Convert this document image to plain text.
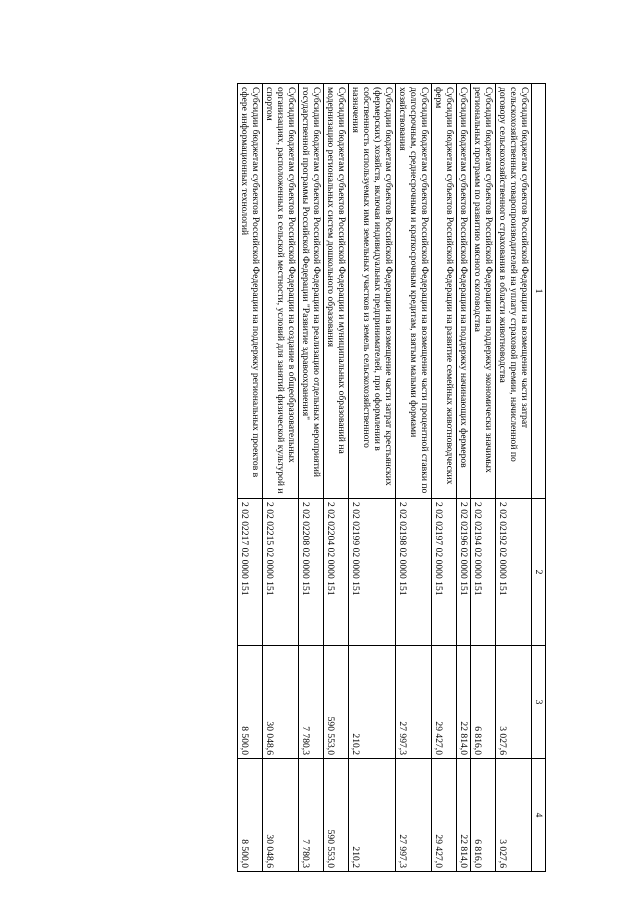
1	2	3	4
Субсидии бюджетам субъектов Российской Федерации на возмещение части затрат сельскохозяйственных товаропроизводителей на уплату страховой премии, начисленной по договору сельскохозяйственного страхования в области животноводства	2 02 02192 02 0000 151	3 027,6	3 027,6
Субсидии бюджетам субъектов Российской Федерации на поддержку экономически значимых региональных программ по развитию мясного скотоводства	2 02 02194 02 0000 151	6 816,0	6 816,0
Субсидии бюджетам субъектов Российской Федерации на поддержку начинающих фермеров	2 02 02196 02 0000 151	22 814,0	22 814,0
Субсидии бюджетам субъектов Российской Федерации на развитие семейных животноводческих ферм	2 02 02197 02 0000 151	29 427,0	29 427,0
Субсидии бюджетам субъектов Российской Федерации на возмещение части процентной ставки по долгосрочным, среднесрочным и краткосрочным кредитам, взятым малыми формами хозяйствования	2 02 02198 02 0000 151	27 997,3	27 997,3
Субсидии бюджетам субъектов Российской Федерации на возмещение части затрат крестьянских (фермерских) хозяйств, включая индивидуальных предпринимателей, при оформлении в собственность используемых ими земельных участков из земель сельскохозяйственного назначения	2 02 02199 02 0000 151	210,2	210,2
Субсидии бюджетам субъектов Российской Федерации и муниципальных образований на модернизацию региональных систем дошкольного образования	2 02 02204 02 0000 151	590 553,0	590 553,0
Субсидии бюджетам субъектов Российской Федерации на реализацию отдельных мероприятий государственной программы Российской Федерации "Развитие здравоохранения"	2 02 02208 02 0000 151	7 780,3	7 780,3
Субсидии бюджетам субъектов Российской Федерации на создание в общеобразовательных организациях, расположенных в сельской местности, условий для занятий физической культурой и спортом	2 02 02215 02 0000 151	30 048,6	30 048,6
Субсидии бюджетам субъектов Российской Федерации на поддержку региональных проектов в сфере информационных технологий	2 02 02217 02 0000 151	8 500,0	8 500,0
